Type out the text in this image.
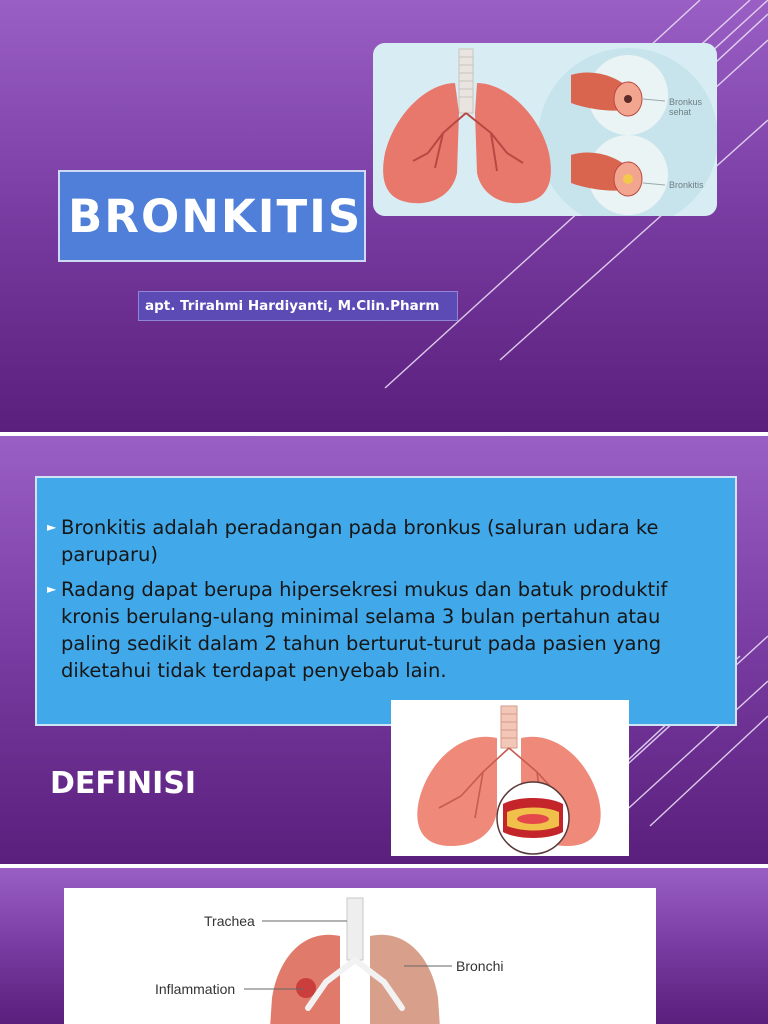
BRONKITIS
apt. Trirahmi Hardiyanti, M.Clin.Pharm
Bronkus
sehat
Bronkitis
► Bronkitis adalah peradangan pada bronkus (saluran udara ke paruparu)
► Radang dapat berupa hipersekresi mukus dan batuk produktif kronis berulang-ulang minimal selama 3 bulan pertahun atau paling sedikit dalam 2 tahun berturut-turut pada pasien yang diketahui tidak terdapat penyebab lain.
DEFINISI
Trachea
Bronchi
Inflammation
